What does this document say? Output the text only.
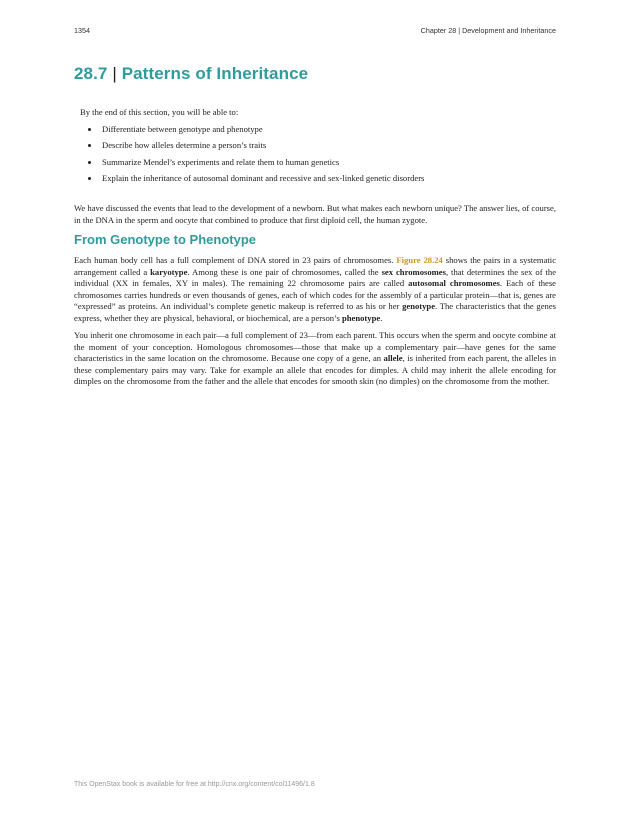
1354	Chapter 28 | Development and Inheritance
28.7 | Patterns of Inheritance
By the end of this section, you will be able to:
• Differentiate between genotype and phenotype
• Describe how alleles determine a person’s traits
• Summarize Mendel’s experiments and relate them to human genetics
• Explain the inheritance of autosomal dominant and recessive and sex-linked genetic disorders

We have discussed the events that lead to the development of a newborn. But what makes each newborn unique? The answer lies, of course, in the DNA in the sperm and oocyte that combined to produce that first diploid cell, the human zygote.

From Genotype to Phenotype

Each human body cell has a full complement of DNA stored in 23 pairs of chromosomes. Figure 28.24 shows the pairs in a systematic arrangement called a karyotype. Among these is one pair of chromosomes, called the sex chromosomes, that determines the sex of the individual (XX in females, XY in males). The remaining 22 chromosome pairs are called autosomal chromosomes. Each of these chromosomes carries hundreds or even thousands of genes, each of which codes for the assembly of a particular protein—that is, genes are “expressed” as proteins. An individual’s complete genetic makeup is referred to as his or her genotype. The characteristics that the genes express, whether they are physical, behavioral, or biochemical, are a person’s phenotype.

You inherit one chromosome in each pair—a full complement of 23—from each parent. This occurs when the sperm and oocyte combine at the moment of your conception. Homologous chromosomes—those that make up a complementary pair—have genes for the same characteristics in the same location on the chromosome. Because one copy of a gene, an allele, is inherited from each parent, the alleles in these complementary pairs may vary. Take for example an allele that encodes for dimples. A child may inherit the allele encoding for dimples on the chromosome from the father and the allele that encodes for smooth skin (no dimples) on the chromosome from the mother.

This OpenStax book is available for free at http://cnx.org/content/col11496/1.8
